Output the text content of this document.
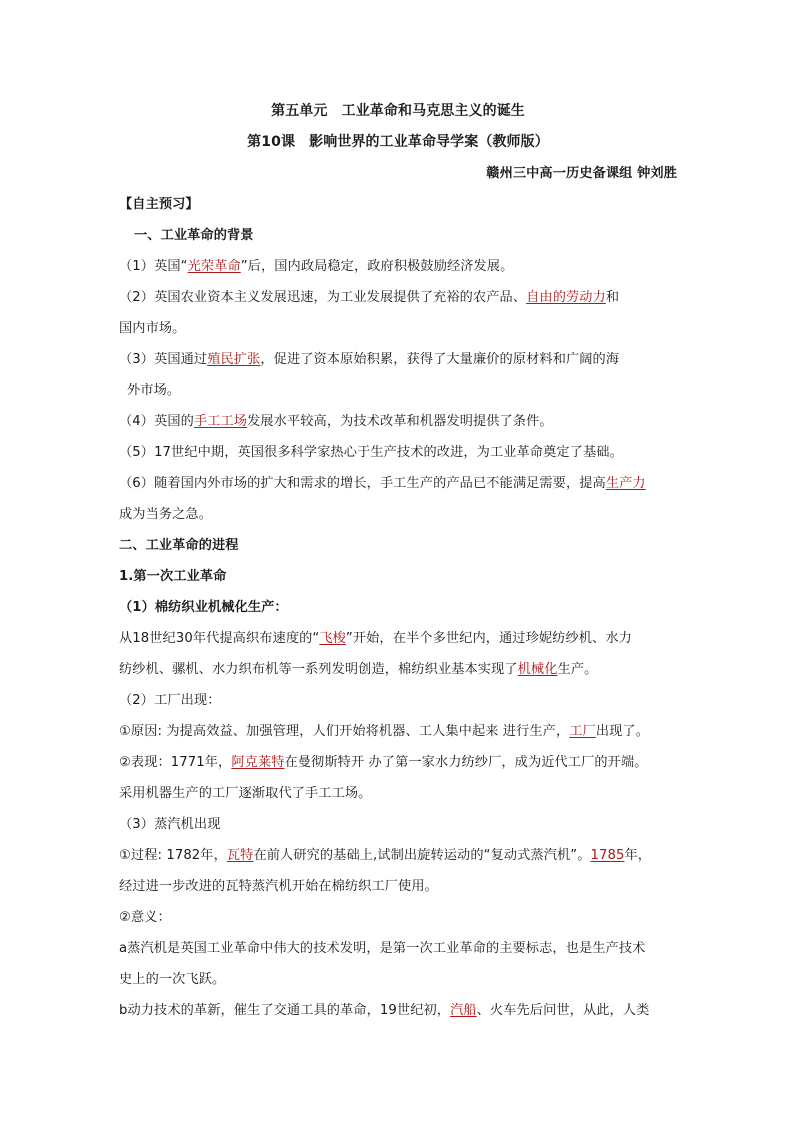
第五单元　工业革命和马克思主义的诞生
第10课　影响世界的工业革命导学案（教师版）
赣州三中高一历史备课组 钟刘胜
【自主预习】
一、工业革命的背景
（1）英国“光荣革命”后，国内政局稳定，政府积极鼓励经济发展。
（2）英国农业资本主义发展迅速，为工业发展提供了充裕的农产品、自由的劳动力和
国内市场。
（3）英国通过殖民扩张，促进了资本原始积累，获得了大量廉价的原材料和广阔的海
外市场。
（4）英国的手工工场发展水平较高，为技术改革和机器发明提供了条件。
（5）17世纪中期，英国很多科学家热心于生产技术的改进，为工业革命奠定了基础。
（6）随着国内外市场的扩大和需求的增长，手工生产的产品已不能满足需要，提高生产力
成为当务之急。
二、工业革命的进程
1.第一次工业革命
（1）棉纺织业机械化生产：
从18世纪30年代提高织布速度的“飞梭”开始，在半个多世纪内，通过珍妮纺纱机、水力
纺纱机、骡机、水力织布机等一系列发明创造，棉纺织业基本实现了机械化生产。
（2）工厂出现：
①原因: 为提高效益、加强管理，人们开始将机器、工人集中起来 进行生产，工厂出现了。
②表现：1771年，阿克莱特在曼彻斯特开 办了第一家水力纺纱厂，成为近代工厂的开端。
采用机器生产的工厂逐渐取代了手工工场。
（3）蒸汽机出现
①过程: 1782年，瓦特在前人研究的基础上,试制出旋转运动的“复动式蒸汽机”。1785年，
经过进一步改进的瓦特蒸汽机开始在棉纺织工厂使用。
②意义：
a蒸汽机是英国工业革命中伟大的技术发明，是第一次工业革命的主要标志，也是生产技术
史上的一次飞跃。
b动力技术的革新，催生了交通工具的革命，19世纪初，汽船、火车先后问世，从此，人类
